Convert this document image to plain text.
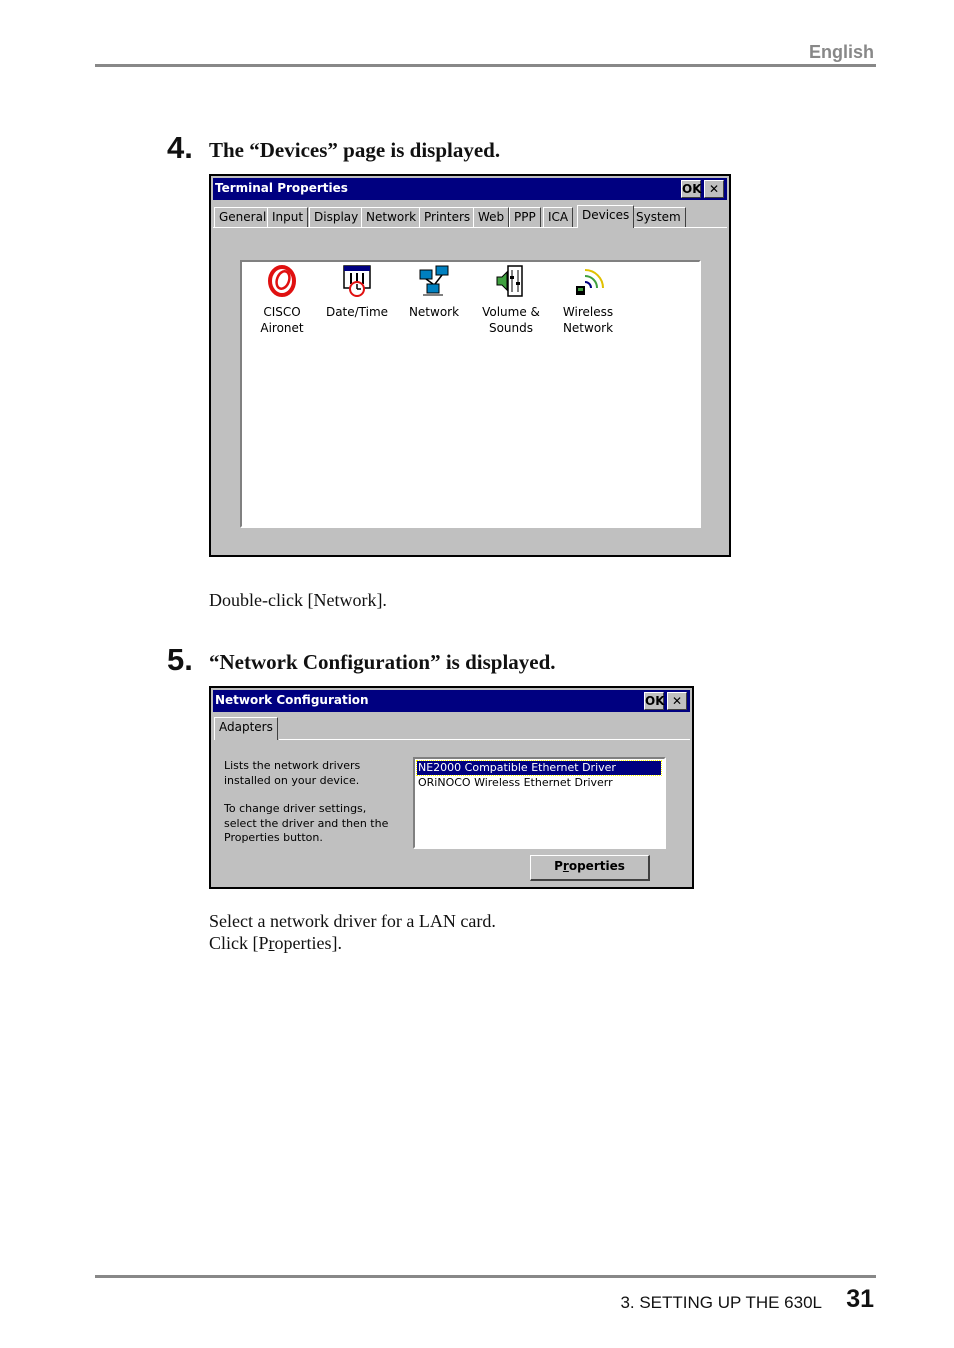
English
4. The “Devices” page is displayed.
Terminal Properties	OK ✕
General Input Display Network Printers Web PPP	ICA	Devices System
CISCO
Aironet
Date/Time	Network	Volume &
Sounds
Wireless
Network
Double-click [Network].
5. “Network Configuration” is displayed.
Network Configuration	OK ✕
Adapters
Lists the network drivers
installed on your device.
To change driver settings,
select the driver and then the
Properties button.
NE2000 Compatible Ethernet Driver
ORiNOCO Wireless Ethernet Driverr
Properties
Select a network driver for a LAN card.
Click [Properties].
3. SETTING UP THE 630L 31
